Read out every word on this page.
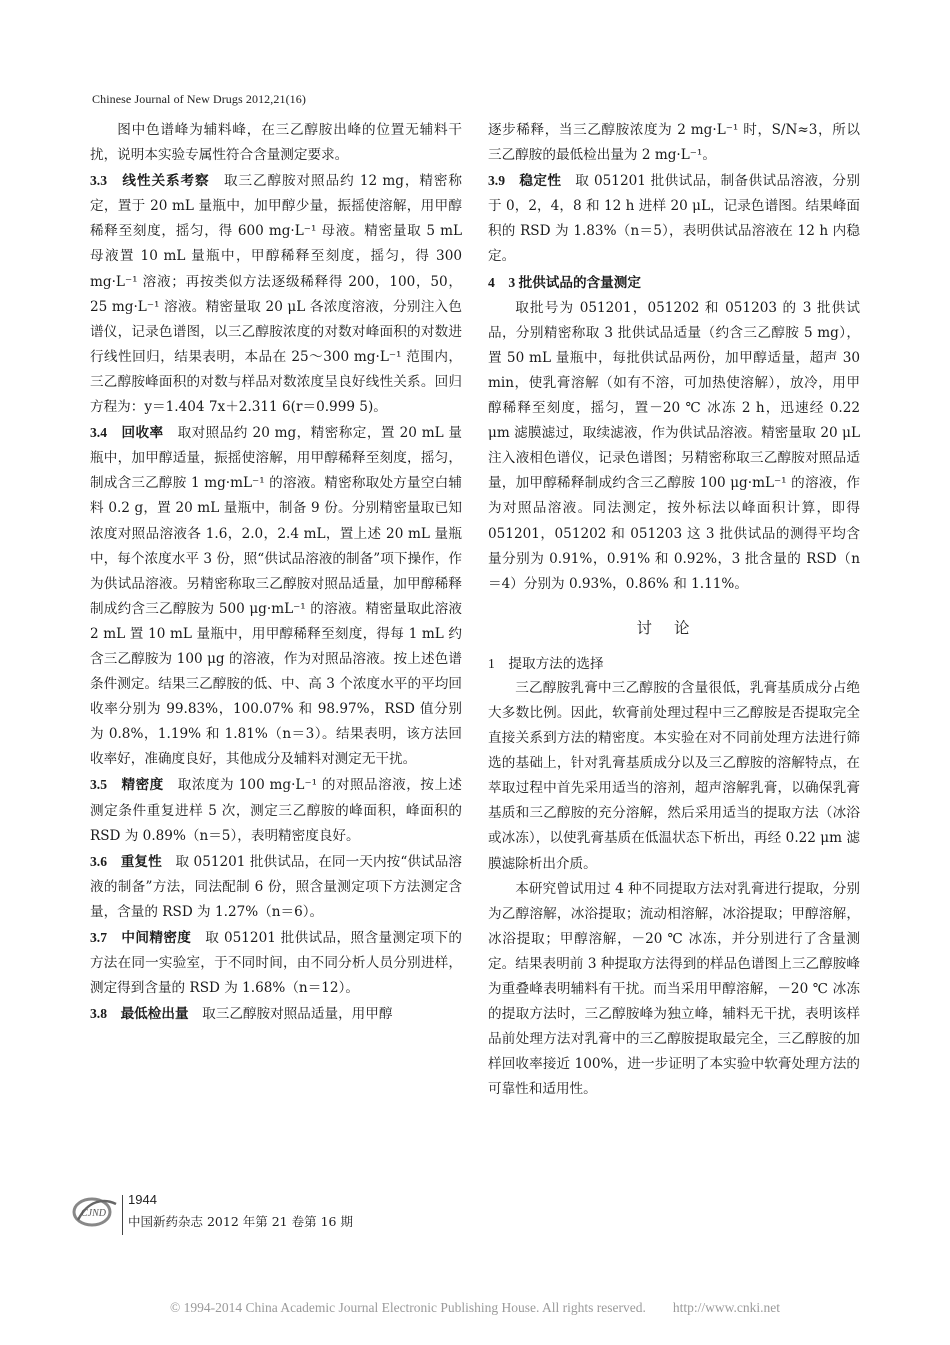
Chinese Journal of New Drugs 2012,21(16)

图中色谱峰为辅料峰，在三乙醇胺出峰的位置无辅料干扰，说明本实验专属性符合含量测定要求。

3.3　线性关系考察　取三乙醇胺对照品约 12 mg，精密称定，置于 20 mL 量瓶中，加甲醇少量，振摇使溶解，用甲醇稀释至刻度，摇匀，得 600 mg·L⁻¹ 母液。精密量取 5 mL 母液置 10 mL 量瓶中，甲醇稀释至刻度，摇匀，得 300 mg·L⁻¹ 溶液；再按类似方法逐级稀释得 200，100，50，25 mg·L⁻¹ 溶液。精密量取 20 μL 各浓度溶液，分别注入色谱仪，记录色谱图，以三乙醇胺浓度的对数对峰面积的对数进行线性回归，结果表明，本品在 25～300 mg·L⁻¹ 范围内，三乙醇胺峰面积的对数与样品对数浓度呈良好线性关系。回归方程为：y＝1.404 7x＋2.311 6(r＝0.999 5)。

3.4　回收率　取对照品约 20 mg，精密称定，置 20 mL 量瓶中，加甲醇适量，振摇使溶解，用甲醇稀释至刻度，摇匀，制成含三乙醇胺 1 mg·mL⁻¹ 的溶液。精密称取处方量空白辅料 0.2 g，置 20 mL 量瓶中，制备 9 份。分别精密量取已知浓度对照品溶液各 1.6，2.0，2.4 mL，置上述 20 mL 量瓶中，每个浓度水平 3 份，照“供试品溶液的制备”项下操作，作为供试品溶液。另精密称取三乙醇胺对照品适量，加甲醇稀释制成约含三乙醇胺为 500 μg·mL⁻¹ 的溶液。精密量取此溶液 2 mL 置 10 mL 量瓶中，用甲醇稀释至刻度，得每 1 mL 约含三乙醇胺为 100 μg 的溶液，作为对照品溶液。按上述色谱条件测定。结果三乙醇胺的低、中、高 3 个浓度水平的平均回收率分别为 99.83%，100.07% 和 98.97%，RSD 值分别为 0.8%，1.19% 和 1.81%（n＝3）。结果表明，该方法回收率好，准确度良好，其他成分及辅料对测定无干扰。

3.5　精密度　取浓度为 100 mg·L⁻¹ 的对照品溶液，按上述测定条件重复进样 5 次，测定三乙醇胺的峰面积，峰面积的 RSD 为 0.89%（n＝5），表明精密度良好。

3.6　重复性　取 051201 批供试品，在同一天内按“供试品溶液的制备”方法，同法配制 6 份，照含量测定项下方法测定含量，含量的 RSD 为 1.27%（n＝6）。

3.7　中间精密度　取 051201 批供试品，照含量测定项下的方法在同一实验室，于不同时间，由不同分析人员分别进样，测定得到含量的 RSD 为 1.68%（n＝12）。

3.8　最低检出量　取三乙醇胺对照品适量，用甲醇

逐步稀释，当三乙醇胺浓度为 2 mg·L⁻¹ 时，S/N≈3，所以三乙醇胺的最低检出量为 2 mg·L⁻¹。

3.9　稳定性　取 051201 批供试品，制备供试品溶液，分别于 0，2，4，8 和 12 h 进样 20 μL，记录色谱图。结果峰面积的 RSD 为 1.83%（n＝5），表明供试品溶液在 12 h 内稳定。

4　3 批供试品的含量测定

取批号为 051201，051202 和 051203 的 3 批供试品，分别精密称取 3 批供试品适量（约含三乙醇胺 5 mg），置 50 mL 量瓶中，每批供试品两份，加甲醇适量，超声 30 min，使乳膏溶解（如有不溶，可加热使溶解），放冷，用甲醇稀释至刻度，摇匀，置－20 ℃ 冰冻 2 h，迅速经 0.22 μm 滤膜滤过，取续滤液，作为供试品溶液。精密量取 20 μL 注入液相色谱仪，记录色谱图；另精密称取三乙醇胺对照品适量，加甲醇稀释制成约含三乙醇胺 100 μg·mL⁻¹ 的溶液，作为对照品溶液。同法测定，按外标法以峰面积计算，即得 051201，051202 和 051203 这 3 批供试品的测得平均含量分别为 0.91%，0.91% 和 0.92%，3 批含量的 RSD（n＝4）分别为 0.93%，0.86% 和 1.11%。

讨论

1　提取方法的选择

三乙醇胺乳膏中三乙醇胺的含量很低，乳膏基质成分占绝大多数比例。因此，软膏前处理过程中三乙醇胺是否提取完全直接关系到方法的精密度。本实验在对不同前处理方法进行筛选的基础上，针对乳膏基质成分以及三乙醇胺的溶解特点，在萃取过程中首先采用适当的溶剂，超声溶解乳膏，以确保乳膏基质和三乙醇胺的充分溶解，然后采用适当的提取方法（冰浴或冰冻），以使乳膏基质在低温状态下析出，再经 0.22 μm 滤膜滤除析出介质。

本研究曾试用过 4 种不同提取方法对乳膏进行提取，分别为乙醇溶解，冰浴提取；流动相溶解，冰浴提取；甲醇溶解，冰浴提取；甲醇溶解，－20 ℃ 冰冻，并分别进行了含量测定。结果表明前 3 种提取方法得到的样品色谱图上三乙醇胺峰为重叠峰表明辅料有干扰。而当采用甲醇溶解，－20 ℃ 冰冻的提取方法时，三乙醇胺峰为独立峰，辅料无干扰，表明该样品前处理方法对乳膏中的三乙醇胺提取最完全，三乙醇胺的加样回收率接近 100%，进一步证明了本实验中软膏处理方法的可靠性和适用性。

CJND
1944
中国新药杂志 2012 年第 21 卷第 16 期
© 1994-2014 China Academic Journal Electronic Publishing House. All rights reserved.　　http://www.cnki.net
